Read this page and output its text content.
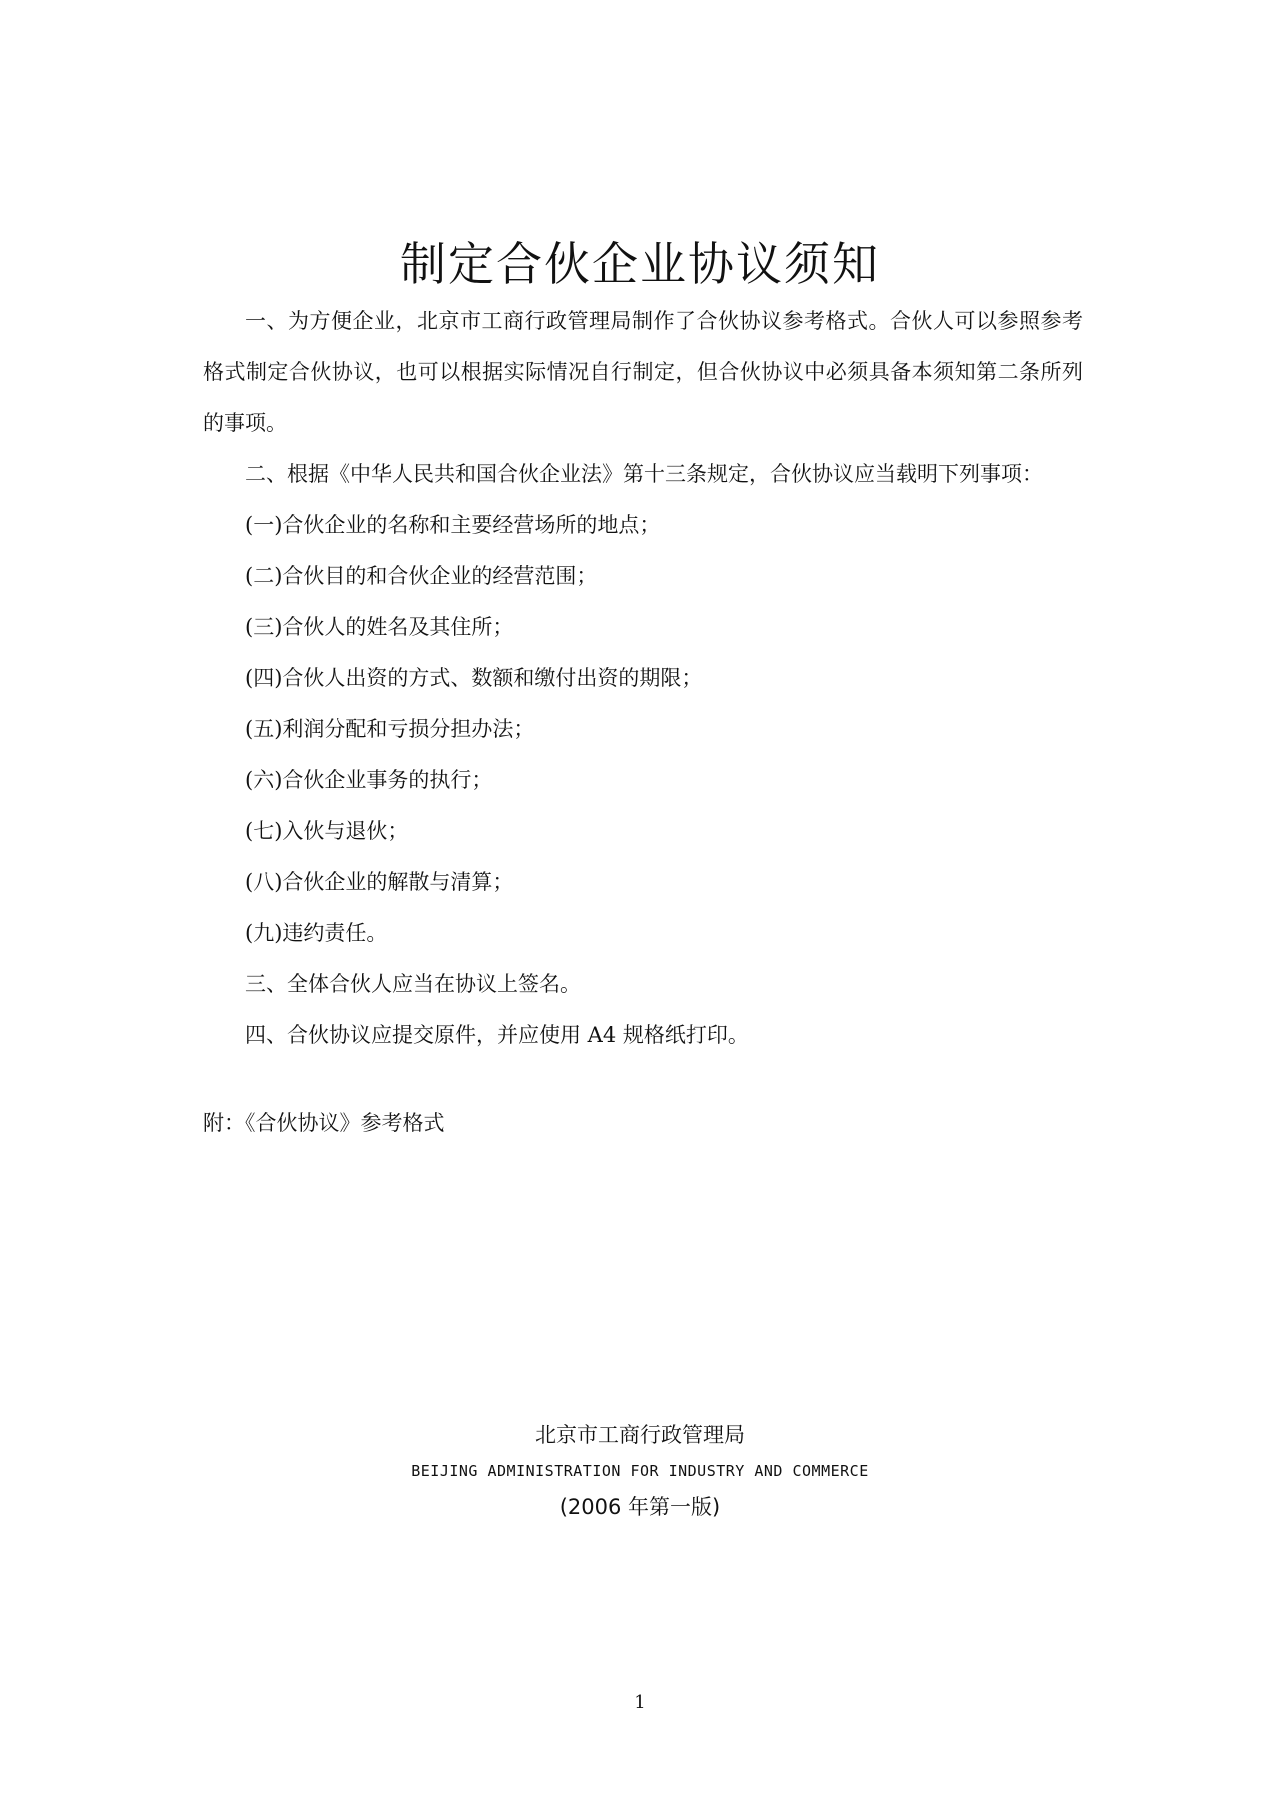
制定合伙企业协议须知

一、为方便企业，北京市工商行政管理局制作了合伙协议参考格式。合伙人可以参照参考格式制定合伙协议，也可以根据实际情况自行制定，但合伙协议中必须具备本须知第二条所列的事项。

二、根据《中华人民共和国合伙企业法》第十三条规定，合伙协议应当载明下列事项：

(一)合伙企业的名称和主要经营场所的地点；

(二)合伙目的和合伙企业的经营范围；

(三)合伙人的姓名及其住所；

(四)合伙人出资的方式、数额和缴付出资的期限；

(五)利润分配和亏损分担办法；

(六)合伙企业事务的执行；

(七)入伙与退伙；

(八)合伙企业的解散与清算；

(九)违约责任。

三、全体合伙人应当在协议上签名。

四、合伙协议应提交原件，并应使用 A4 规格纸打印。

附：《合伙协议》参考格式

北京市工商行政管理局

BEIJING ADMINISTRATION FOR INDUSTRY AND COMMERCE

(2006 年第一版)

1
